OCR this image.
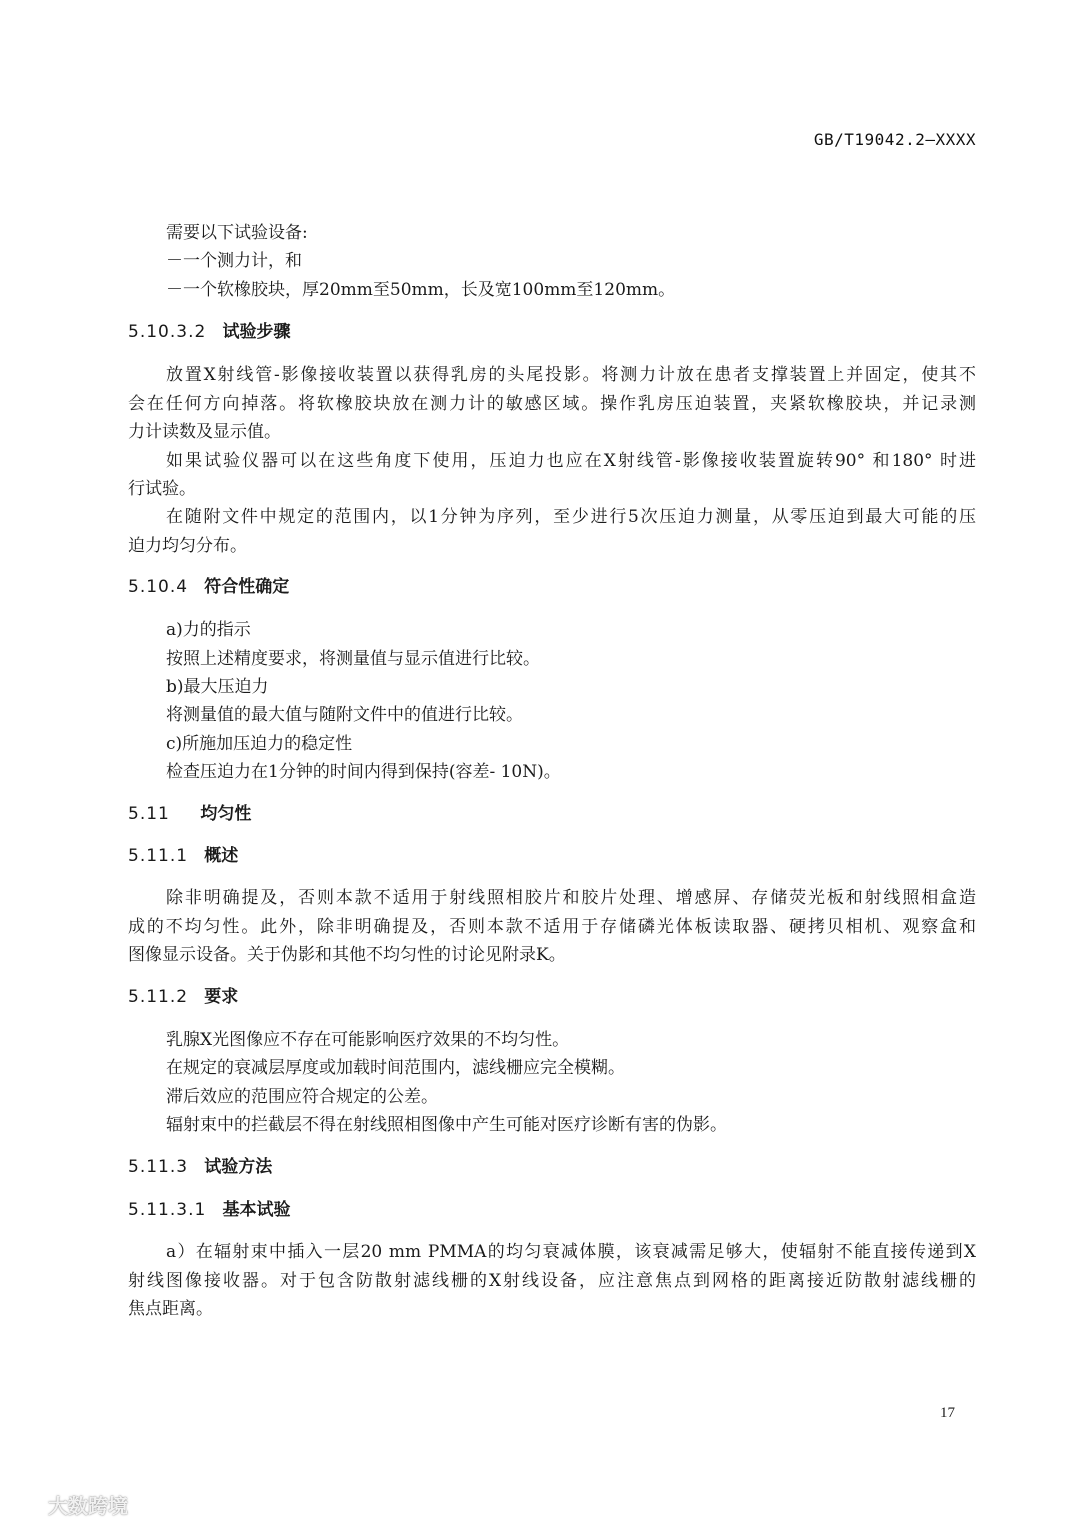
GB/T19042.2—XXXX
需要以下试验设备:
－一个测力计，和
－一个软橡胶块，厚20mm至50mm，长及宽100mm至120mm。
5.10.3.2 试验步骤
放置X射线管-影像接收装置以获得乳房的头尾投影。将测力计放在患者支撑装置上并固定，使其不
会在任何方向掉落。将软橡胶块放在测力计的敏感区域。操作乳房压迫装置，夹紧软橡胶块，并记录测
力计读数及显示值。
如果试验仪器可以在这些角度下使用，压迫力也应在X射线管-影像接收装置旋转90° 和180° 时进
行试验。
在随附文件中规定的范围内，以1分钟为序列，至少进行5次压迫力测量，从零压迫到最大可能的压
迫力均匀分布。
5.10.4 符合性确定
a)力的指示
按照上述精度要求，将测量值与显示值进行比较。
b)最大压迫力
将测量值的最大值与随附文件中的值进行比较。
c)所施加压迫力的稳定性
检查压迫力在1分钟的时间内得到保持(容差- 10N)。
5.11 均匀性
5.11.1 概述
除非明确提及，否则本款不适用于射线照相胶片和胶片处理、增感屏、存储荧光板和射线照相盒造
成的不均匀性。此外，除非明确提及，否则本款不适用于存储磷光体板读取器、硬拷贝相机、观察盒和
图像显示设备。关于伪影和其他不均匀性的讨论见附录K。
5.11.2 要求
乳腺X光图像应不存在可能影响医疗效果的不均匀性。
在规定的衰减层厚度或加载时间范围内，滤线栅应完全模糊。
滞后效应的范围应符合规定的公差。
辐射束中的拦截层不得在射线照相图像中产生可能对医疗诊断有害的伪影。
5.11.3 试验方法
5.11.3.1 基本试验
a）在辐射束中插入一层20 mm PMMA的均匀衰减体膜，该衰减需足够大，使辐射不能直接传递到X
射线图像接收器。对于包含防散射滤线栅的X射线设备，应注意焦点到网格的距离接近防散射滤线栅的
焦点距离。
17
大数跨境
